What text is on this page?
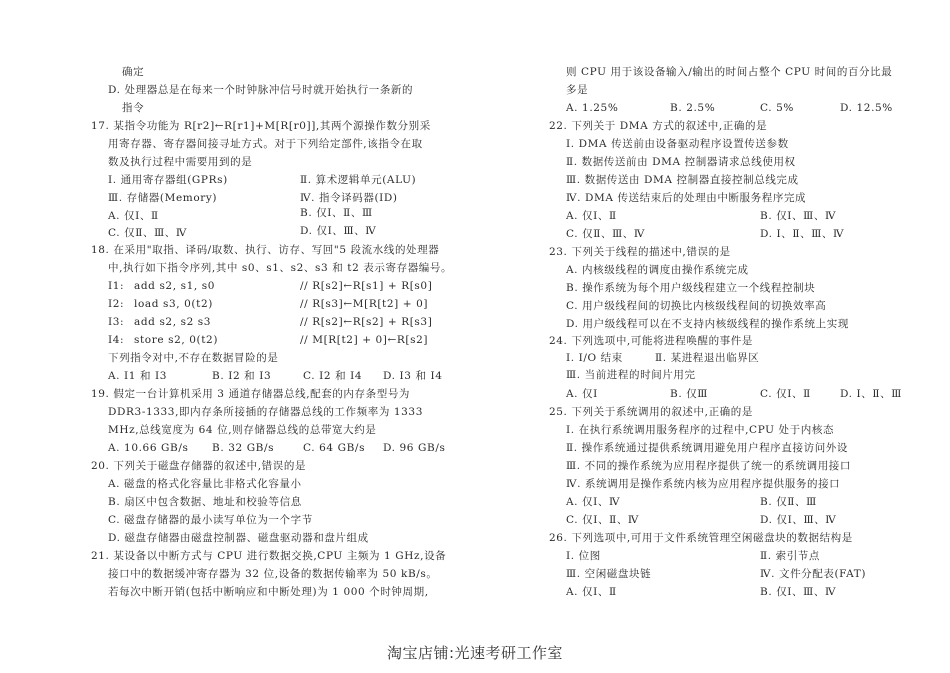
确定
D. 处理器总是在每来一个时钟脉冲信号时就开始执行一条新的
指令
17. 某指令功能为 R[r2]←R[r1]+M[R[r0]],其两个源操作数分别采
用寄存器、寄存器间接寻址方式。对于下列给定部件,该指令在取
数及执行过程中需要用到的是
Ⅰ. 通用寄存器组(GPRs)	Ⅱ. 算术逻辑单元(ALU)
Ⅲ. 存储器(Memory)	Ⅳ. 指令译码器(ID)
A. 仅Ⅰ、Ⅱ	B. 仅Ⅰ、Ⅱ、Ⅲ
C. 仅Ⅱ、Ⅲ、Ⅳ	D. 仅Ⅰ、Ⅲ、Ⅳ
18. 在采用"取指、译码/取数、执行、访存、写回"5 段流水线的处理器
中,执行如下指令序列,其中 s0、s1、s2、s3 和 t2 表示寄存器编号。
I1: add s2, s1, s0	// R[s2]←R[s1] + R[s0]
I2: load s3, 0(t2)	// R[s3]←M[R[t2] + 0]
I3: add s2, s2 s3	// R[s2]←R[s2] + R[s3]
I4: store s2, 0(t2)	// M[R[t2] + 0]←R[s2]
下列指令对中,不存在数据冒险的是
A. I1 和 I3	B. I2 和 I3	C. I2 和 I4 D. I3 和 I4
19. 假定一台计算机采用 3 通道存储器总线,配套的内存条型号为
DDR3-1333,即内存条所接插的存储器总线的工作频率为 1333
MHz,总线宽度为 64 位,则存储器总线的总带宽大约是
A. 10.66 GB/s B. 32 GB/s	C. 64 GB/s D. 96 GB/s
20. 下列关于磁盘存储器的叙述中,错误的是
A. 磁盘的格式化容量比非格式化容量小
B. 扇区中包含数据、地址和校验等信息
C. 磁盘存储器的最小读写单位为一个字节
D. 磁盘存储器由磁盘控制器、磁盘驱动器和盘片组成
21. 某设备以中断方式与 CPU 进行数据交换,CPU 主频为 1 GHz,设备
接口中的数据缓冲寄存器为 32 位,设备的数据传输率为 50 kB/s。
若每次中断开销(包括中断响应和中断处理)为 1 000 个时钟周期,
则 CPU 用于该设备输入/输出的时间占整个 CPU 时间的百分比最
多是
A. 1.25%	B. 2.5%	C. 5%	D. 12.5%
22. 下列关于 DMA 方式的叙述中,正确的是
Ⅰ. DMA 传送前由设备驱动程序设置传送参数
Ⅱ. 数据传送前由 DMA 控制器请求总线使用权
Ⅲ. 数据传送由 DMA 控制器直接控制总线完成
Ⅳ. DMA 传送结束后的处理由中断服务程序完成
A. 仅Ⅰ、Ⅱ	B. 仅Ⅰ、Ⅲ、Ⅳ
C. 仅Ⅱ、Ⅲ、Ⅳ	D. Ⅰ、Ⅱ、Ⅲ、Ⅳ
23. 下列关于线程的描述中,错误的是
A. 内核级线程的调度由操作系统完成
B. 操作系统为每个用户级线程建立一个线程控制块
C. 用户级线程间的切换比内核级线程间的切换效率高
D. 用户级线程可以在不支持内核级线程的操作系统上实现
24. 下列选项中,可能将进程唤醒的事件是
Ⅰ. I/O 结束	Ⅱ. 某进程退出临界区
Ⅲ. 当前进程的时间片用完
A. 仅Ⅰ	B. 仅Ⅲ	C. 仅Ⅰ、Ⅱ	D. Ⅰ、Ⅱ、Ⅲ
25. 下列关于系统调用的叙述中,正确的是
Ⅰ. 在执行系统调用服务程序的过程中,CPU 处于内核态
Ⅱ. 操作系统通过提供系统调用避免用户程序直接访问外设
Ⅲ. 不同的操作系统为应用程序提供了统一的系统调用接口
Ⅳ. 系统调用是操作系统内核为应用程序提供服务的接口
A. 仅Ⅰ、Ⅳ	B. 仅Ⅱ、Ⅲ
C. 仅Ⅰ、Ⅱ、Ⅳ	D. 仅Ⅰ、Ⅲ、Ⅳ
26. 下列选项中,可用于文件系统管理空闲磁盘块的数据结构是
Ⅰ. 位图	Ⅱ. 索引节点
Ⅲ. 空闲磁盘块链	Ⅳ. 文件分配表(FAT)
A. 仅Ⅰ、Ⅱ	B. 仅Ⅰ、Ⅲ、Ⅳ
淘宝店铺:光速考研工作室
